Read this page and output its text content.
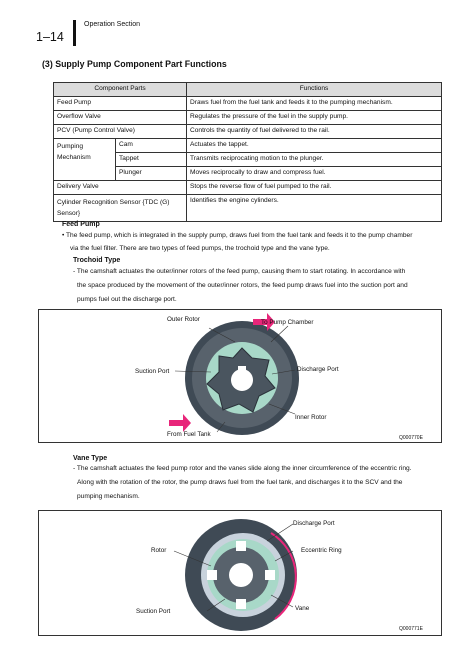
1–14
Operation Section
(3) Supply Pump Component Part Functions
Component Parts		Functions
Feed Pump		Draws fuel from the fuel tank and feeds it to the pumping mechanism.
Overflow Valve		Regulates the pressure of the fuel in the supply pump.
PCV (Pump Control Valve)		Controls the quantity of fuel delivered to the rail.
Pumping Mechanism	Cam	Actuates the tappet.
	Tappet	Transmits reciprocating motion to the plunger.
	Plunger	Moves reciprocally to draw and compress fuel.
Delivery Valve		Stops the reverse flow of fuel pumped to the rail.
Cylinder Recognition Sensor {TDC (G) Sensor}		Identifies the engine cylinders.
Feed Pump
• The feed pump, which is integrated in the supply pump, draws fuel from the fuel tank and feeds it to the pump chamber
via the fuel filter. There are two types of feed pumps, the trochoid type and the vane type.
Trochoid Type
- The camshaft actuates the outer/inner rotors of the feed pump, causing them to start rotating. In accordance with
the space produced by the movement of the outer/inner rotors, the feed pump draws fuel into the suction port and
pumps fuel out the discharge port.
Outer Rotor	To Pump Chamber
Suction Port	Discharge Port
Inner Rotor
From Fuel Tank	Q000770E
Vane Type
- The camshaft actuates the feed pump rotor and the vanes slide along the inner circumference of the eccentric ring.
Along with the rotation of the rotor, the pump draws fuel from the fuel tank, and discharges it to the SCV and the
pumping mechanism.
Discharge Port
Rotor	Eccentric Ring
Suction Port	Vane
Q000771E
